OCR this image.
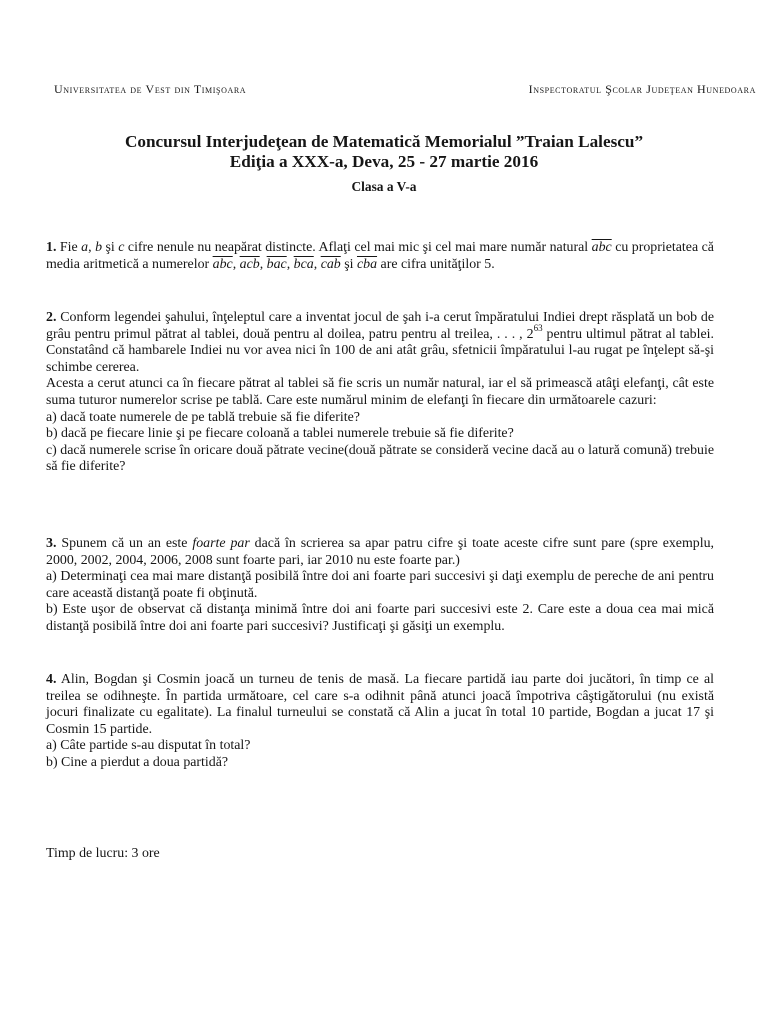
Universitatea de Vest din Timişoara	Inspectoratul Şcolar Judeţean Hunedoara
Concursul Interjudeţean de Matematică Memorialul ”Traian Lalescu”
Ediţia a XXX-a, Deva, 25 - 27 martie 2016
Clasa a V-a

1. Fie a, b şi c cifre nenule nu neapărat distincte. Aflaţi cel mai mic şi cel mai mare număr natural $\overline{abc}$ cu proprietatea că media aritmetică a numerelor $\overline{abc}$, $\overline{acb}$, $\overline{bac}$, $\overline{bca}$, $\overline{cab}$ şi $\overline{cba}$ are cifra unităţilor 5.

2. Conform legendei şahului, înţeleptul care a inventat jocul de şah i-a cerut împăratului Indiei drept răsplată un bob de grâu pentru primul pătrat al tablei, două pentru al doilea, patru pentru al treilea, . . . , $2^{63}$ pentru ultimul pătrat al tablei. Constatând că hambarele Indiei nu vor avea nici în 100 de ani atât grâu, sfetnicii împăratului l-au rugat pe înţelept să-şi schimbe cererea.

Acesta a cerut atunci ca în fiecare pătrat al tablei să fie scris un număr natural, iar el să primească atâţi elefanţi, cât este suma tuturor numerelor scrise pe tablă. Care este numărul minim de elefanţi în fiecare din următoarele cazuri:

a) dacă toate numerele de pe tablă trebuie să fie diferite?

b) dacă pe fiecare linie şi pe fiecare coloană a tablei numerele trebuie să fie diferite?

c) dacă numerele scrise în oricare două pătrate vecine(două pătrate se consideră vecine dacă au o latură comună) trebuie să fie diferite?

3. Spunem că un an este foarte par dacă în scrierea sa apar patru cifre şi toate aceste cifre sunt pare (spre exemplu, 2000, 2002, 2004, 2006, 2008 sunt foarte pari, iar 2010 nu este foarte par.)

a) Determinaţi cea mai mare distanţă posibilă între doi ani foarte pari succesivi şi daţi exemplu de pereche de ani pentru care această distanţă poate fi obţinută.

b) Este uşor de observat că distanţa minimă între doi ani foarte pari succesivi este 2. Care este a doua cea mai mică distanţă posibilă între doi ani foarte pari succesivi? Justificaţi şi găsiţi un exemplu.

4. Alin, Bogdan şi Cosmin joacă un turneu de tenis de masă. La fiecare partidă iau parte doi jucători, în timp ce al treilea se odihneşte. În partida următoare, cel care s-a odihnit până atunci joacă împotriva câştigătorului (nu există jocuri finalizate cu egalitate). La finalul turneului se constată că Alin a jucat în total 10 partide, Bogdan a jucat 17 şi Cosmin 15 partide.

a) Câte partide s-au disputat în total?

b) Cine a pierdut a doua partidă?

Timp de lucru: 3 ore
